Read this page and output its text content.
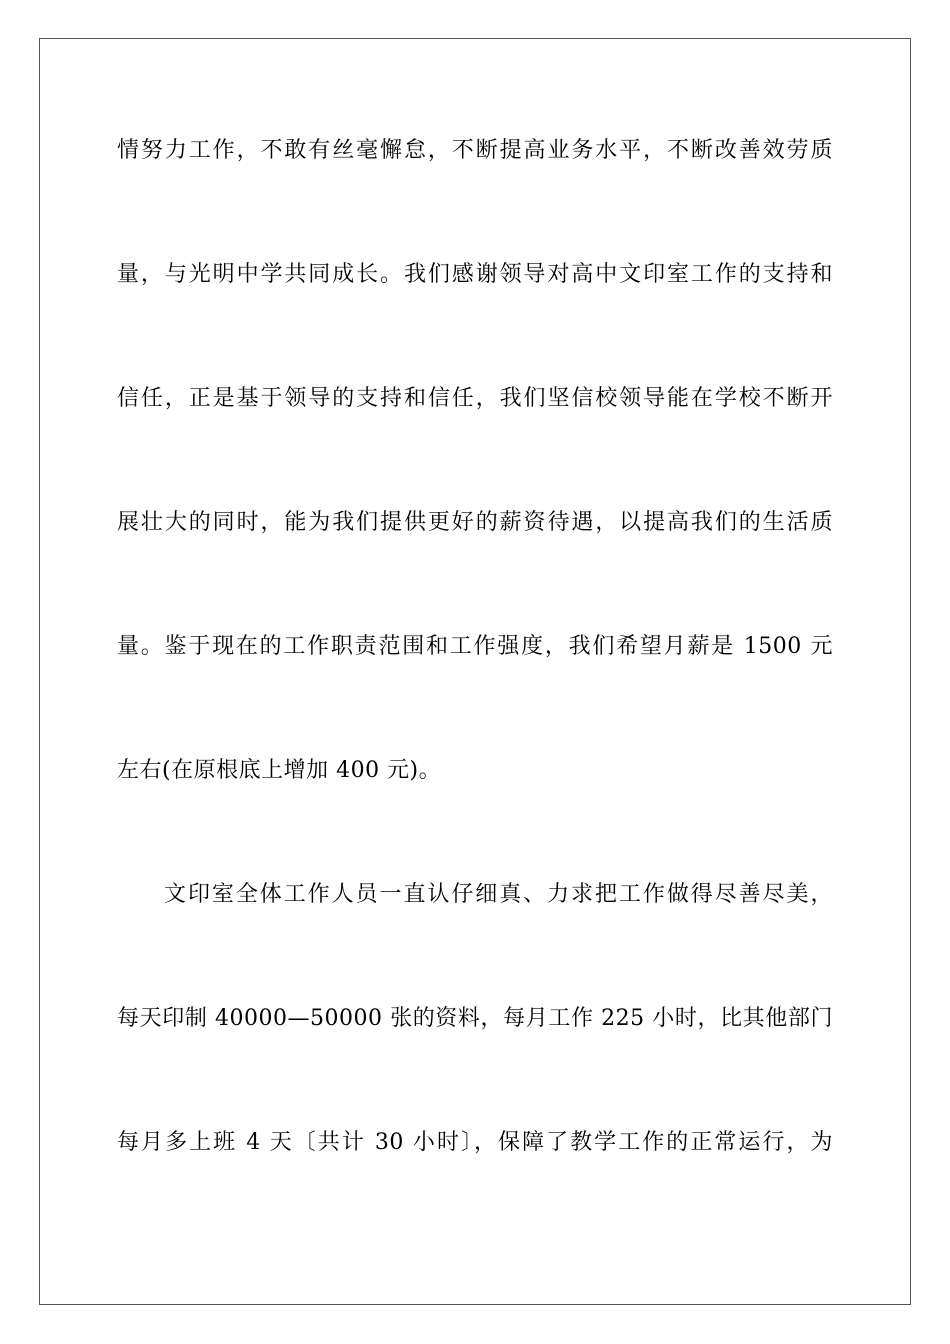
情努力工作，不敢有丝毫懈怠，不断提高业务水平，不断改善效劳质
量，与光明中学共同成长。我们感谢领导对高中文印室工作的支持和
信任，正是基于领导的支持和信任，我们坚信校领导能在学校不断开
展壮大的同时，能为我们提供更好的薪资待遇，以提高我们的生活质
量。鉴于现在的工作职责范围和工作强度，我们希望月薪是 1500 元
左右(在原根底上增加 400 元)。
文印室全体工作人员一直认仔细真、力求把工作做得尽善尽美，
每天印制 40000—50000 张的资料，每月工作 225 小时，比其他部门
每月多上班 4 天〔共计 30 小时〕，保障了教学工作的正常运行，为
